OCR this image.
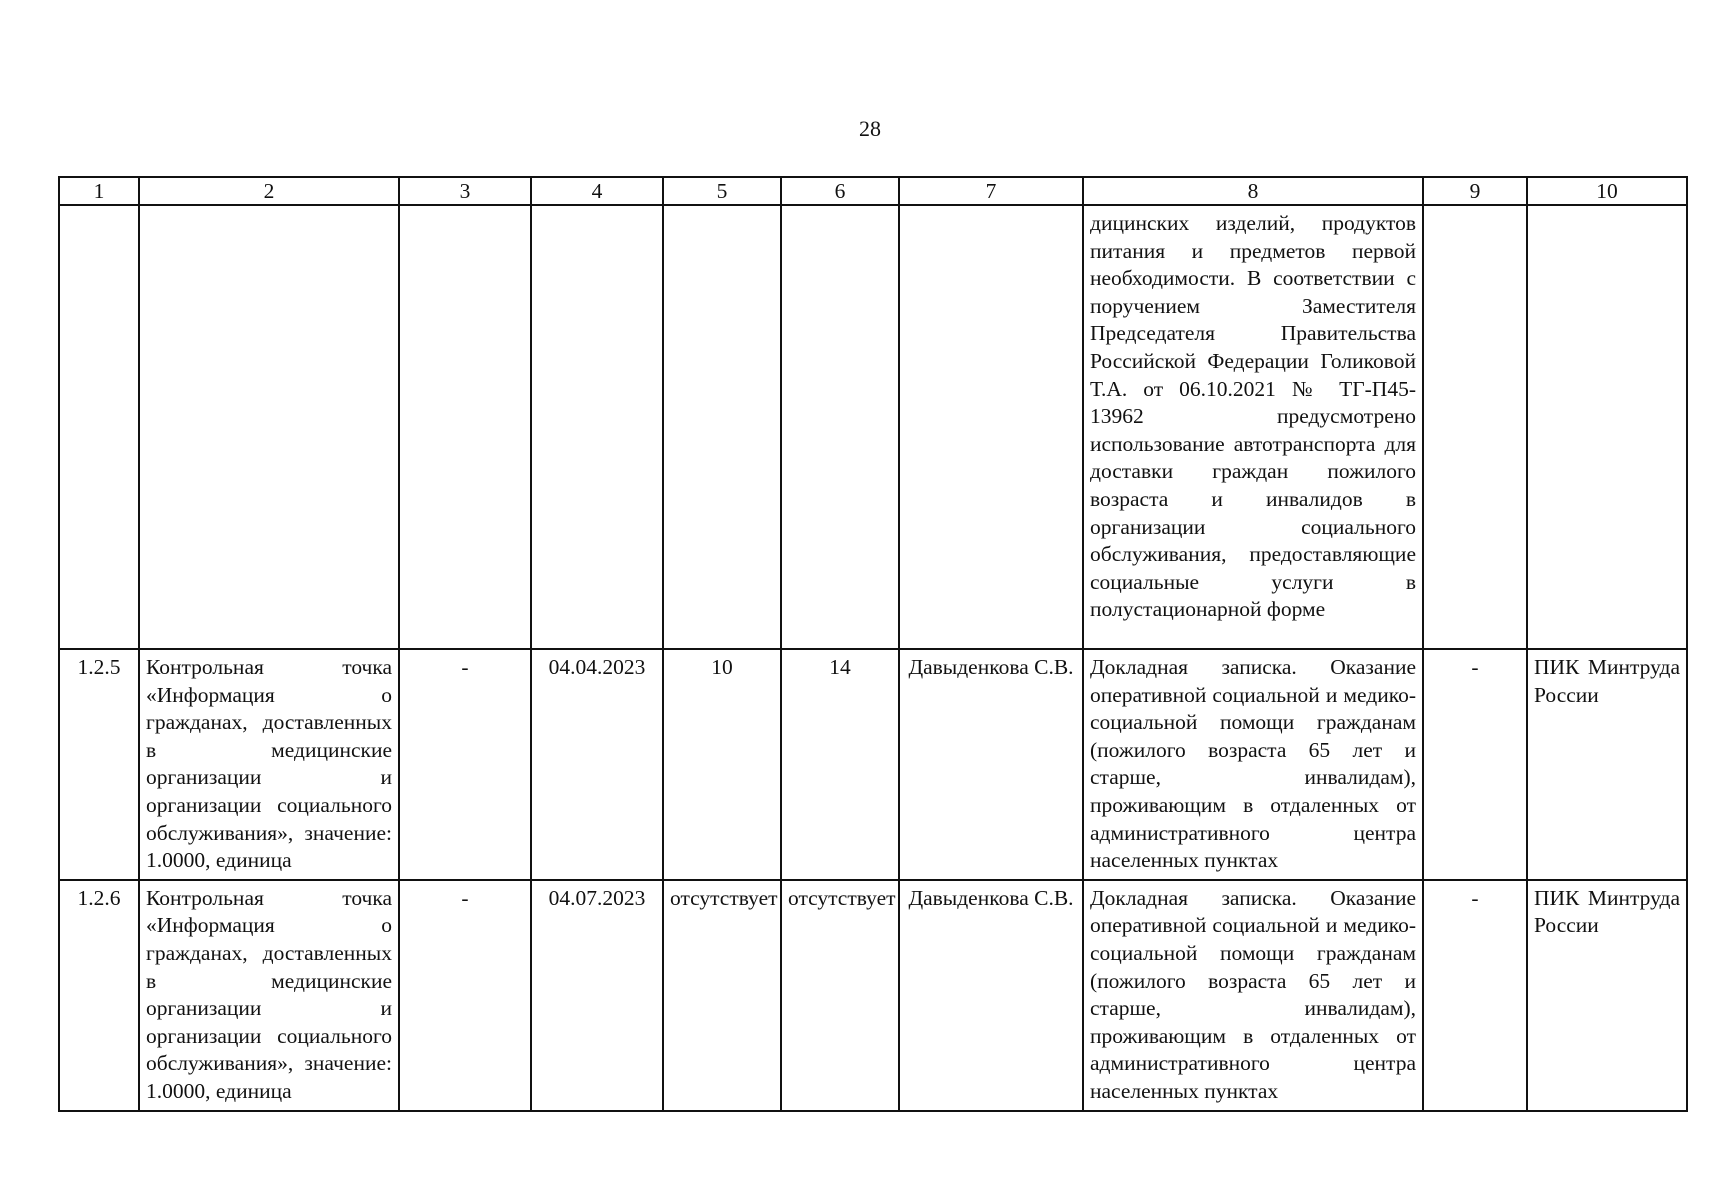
28
1	2	3	4	5	6	7	8	9	10
							дицинских изделий, продуктов питания и предметов первой необходимости. В соответствии с поручением Заместителя Председателя Правительства Российской Федерации Голиковой Т.А. от 06.10.2021 № ТГ-П45-13962 предусмотрено использование автотранспорта для доставки граждан пожилого возраста и инвалидов в организации социального обслуживания, предоставляющие социальные услуги в полустационарной форме		
1.2.5	Контрольная точка «Информация о гражданах, доставленных в медицинские организации и организации социального обслуживания», значение: 1.0000, единица	-	04.04.2023	10	14	Давыденкова С.В.	Докладная записка. Оказание оперативной социальной и медико-социальной помощи гражданам (пожилого возраста 65 лет и старше, инвалидам), проживающим в отдаленных от административного центра населенных пунктах	-	ПИК Минтруда России
1.2.6	Контрольная точка «Информация о гражданах, доставленных в медицинские организации и организации социального обслуживания», значение: 1.0000, единица	-	04.07.2023	отсутствует	отсутствует	Давыденкова С.В.	Докладная записка. Оказание оперативной социальной и медико-социальной помощи гражданам (пожилого возраста 65 лет и старше, инвалидам), проживающим в отдаленных от административного центра населенных пунктах	-	ПИК Минтруда России
